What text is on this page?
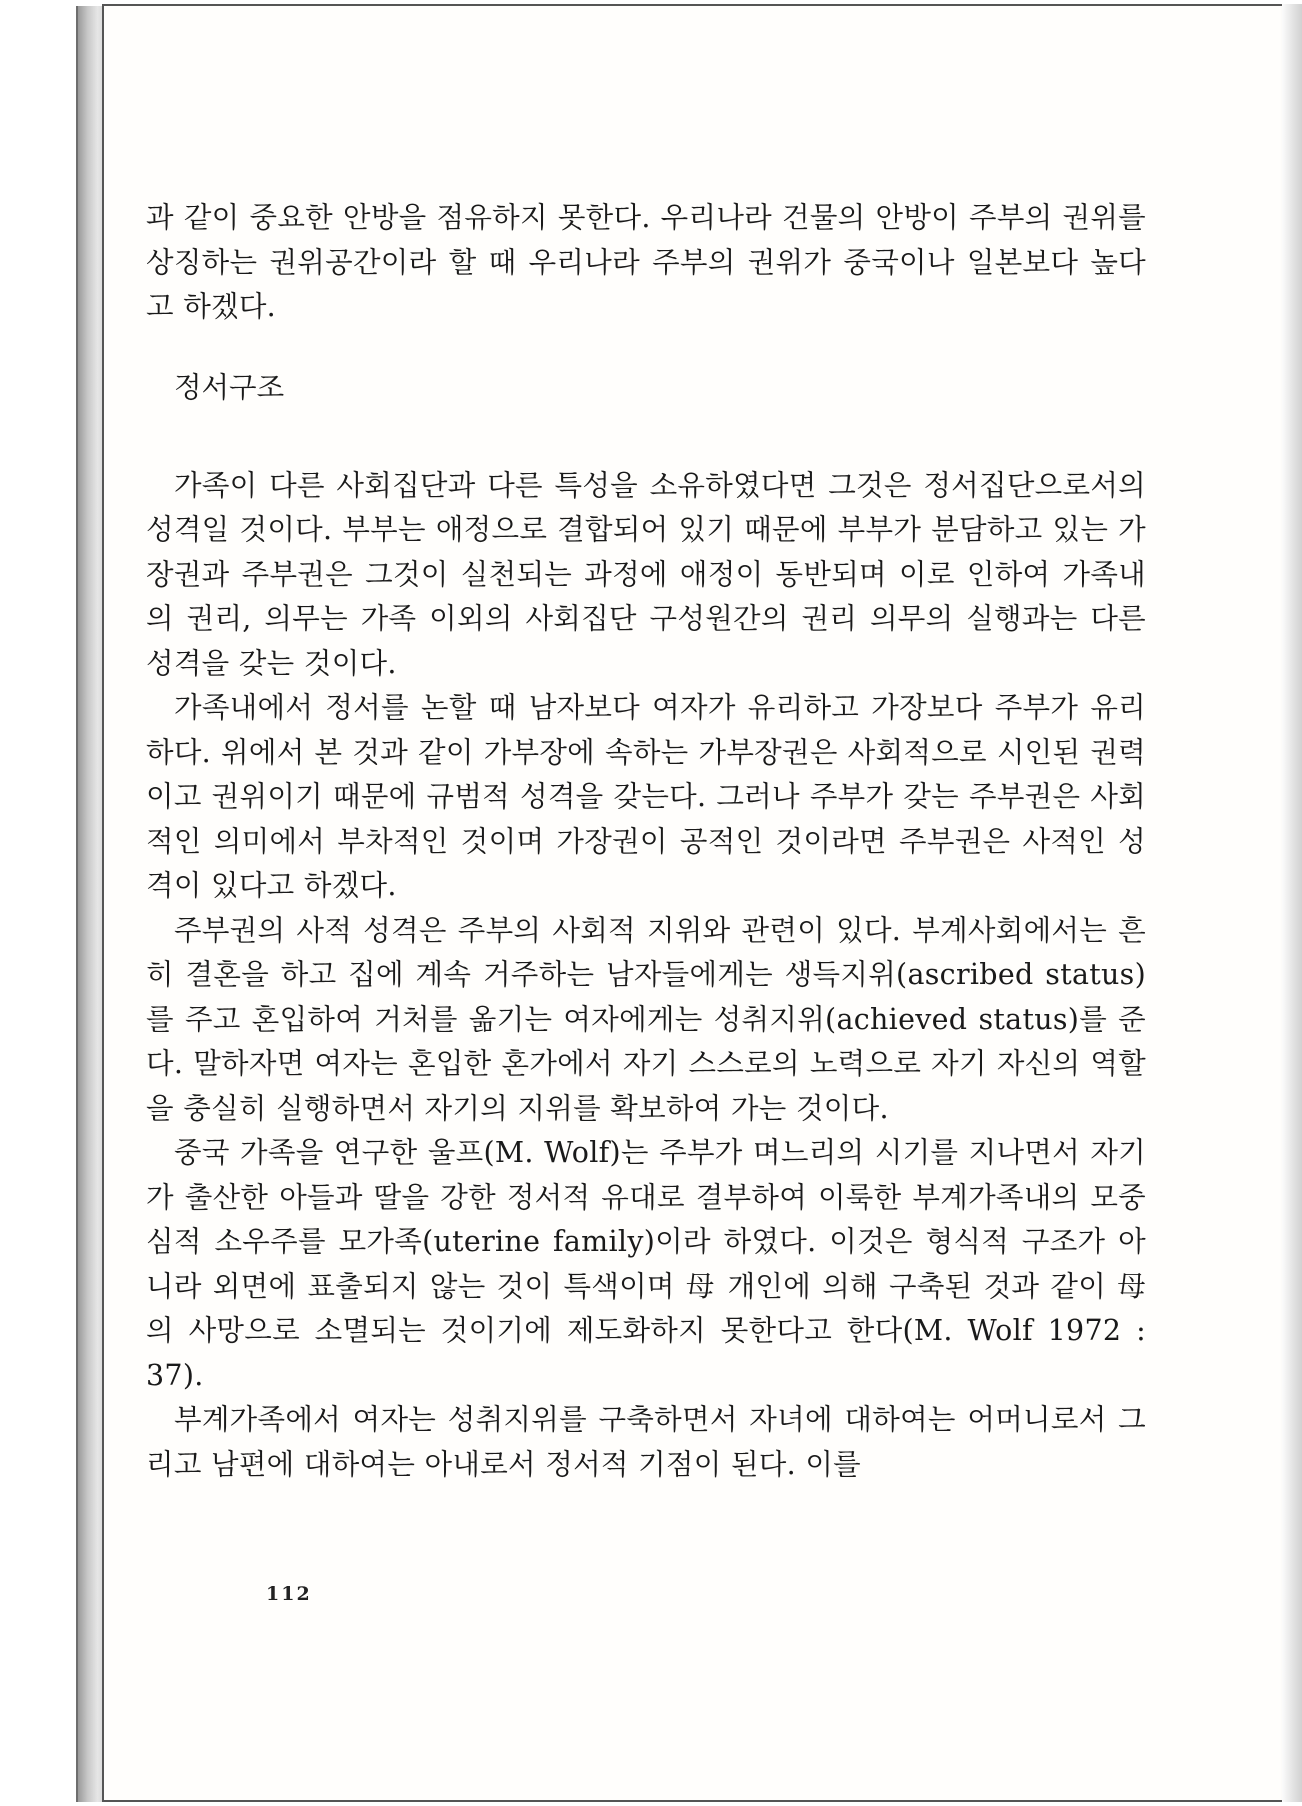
과 같이 중요한 안방을 점유하지 못한다. 우리나라 건물의 안방이 주부의 권위를 상징하는 권위공간이라 할 때 우리나라 주부의 권위가 중국이나 일본보다 높다고 하겠다.

정서구조

가족이 다른 사회집단과 다른 특성을 소유하였다면 그것은 정서집단으로서의 성격일 것이다. 부부는 애정으로 결합되어 있기 때문에 부부가 분담하고 있는 가장권과 주부권은 그것이 실천되는 과정에 애정이 동반되며 이로 인하여 가족내의 권리, 의무는 가족 이외의 사회집단 구성원간의 권리 의무의 실행과는 다른 성격을 갖는 것이다.

가족내에서 정서를 논할 때 남자보다 여자가 유리하고 가장보다 주부가 유리하다. 위에서 본 것과 같이 가부장에 속하는 가부장권은 사회적으로 시인된 권력이고 권위이기 때문에 규범적 성격을 갖는다. 그러나 주부가 갖는 주부권은 사회적인 의미에서 부차적인 것이며 가장권이 공적인 것이라면 주부권은 사적인 성격이 있다고 하겠다.

주부권의 사적 성격은 주부의 사회적 지위와 관련이 있다. 부계사회에서는 흔히 결혼을 하고 집에 계속 거주하는 남자들에게는 생득지위(ascribed status)를 주고 혼입하여 거처를 옮기는 여자에게는 성취지위(achieved status)를 준다. 말하자면 여자는 혼입한 혼가에서 자기 스스로의 노력으로 자기 자신의 역할을 충실히 실행하면서 자기의 지위를 확보하여 가는 것이다.

중국 가족을 연구한 울프(M. Wolf)는 주부가 며느리의 시기를 지나면서 자기가 출산한 아들과 딸을 강한 정서적 유대로 결부하여 이룩한 부계가족내의 모중심적 소우주를 모가족(uterine family)이라 하였다. 이것은 형식적 구조가 아니라 외면에 표출되지 않는 것이 특색이며 母 개인에 의해 구축된 것과 같이 母의 사망으로 소멸되는 것이기에 제도화하지 못한다고 한다(M. Wolf 1972 : 37).

부계가족에서 여자는 성취지위를 구축하면서 자녀에 대하여는 어머니로서 그리고 남편에 대하여는 아내로서 정서적 기점이 된다. 이를

112
